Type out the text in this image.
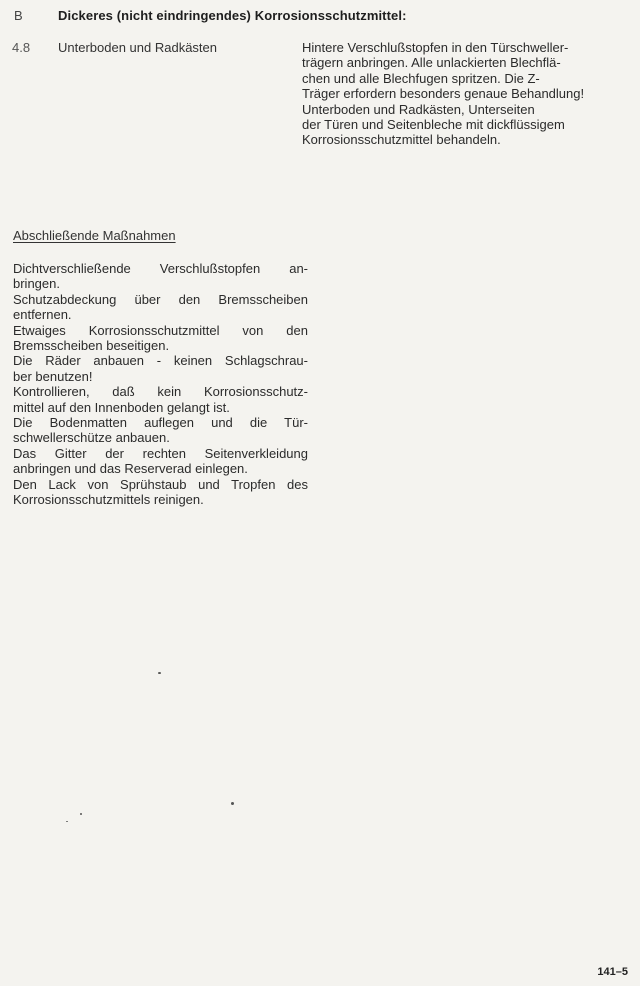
B	Dickeres (nicht eindringendes) Korrosionsschutzmittel:
4.8 Unterboden und Radkästen	Hintere Verschlußstopfen in den Türschweller-
trägern anbringen. Alle unlackierten Blechflä-
chen und alle Blechfugen spritzen. Die Z-
Träger erfordern besonders genaue Behandlung!
Unterboden und Radkästen, Unterseiten
der Türen und Seitenbleche mit dickflüssigem
Korrosionsschutzmittel behandeln.
Abschließende Maßnahmen
Dichtverschließende Verschlußstopfen an-
bringen.
Schutzabdeckung über den Bremsscheiben
entfernen.
Etwaiges Korrosionsschutzmittel von den
Bremsscheiben beseitigen.
Die Räder anbauen - keinen Schlagschrau-
ber benutzen!
Kontrollieren, daß kein Korrosionsschutz-
mittel auf den Innenboden gelangt ist.
Die Bodenmatten auflegen und die Tür-
schwellerschütze anbauen.
Das Gitter der rechten Seitenverkleidung
anbringen und das Reserverad einlegen.
Den Lack von Sprühstaub und Tropfen des
Korrosionsschutzmittels reinigen.
141–5
